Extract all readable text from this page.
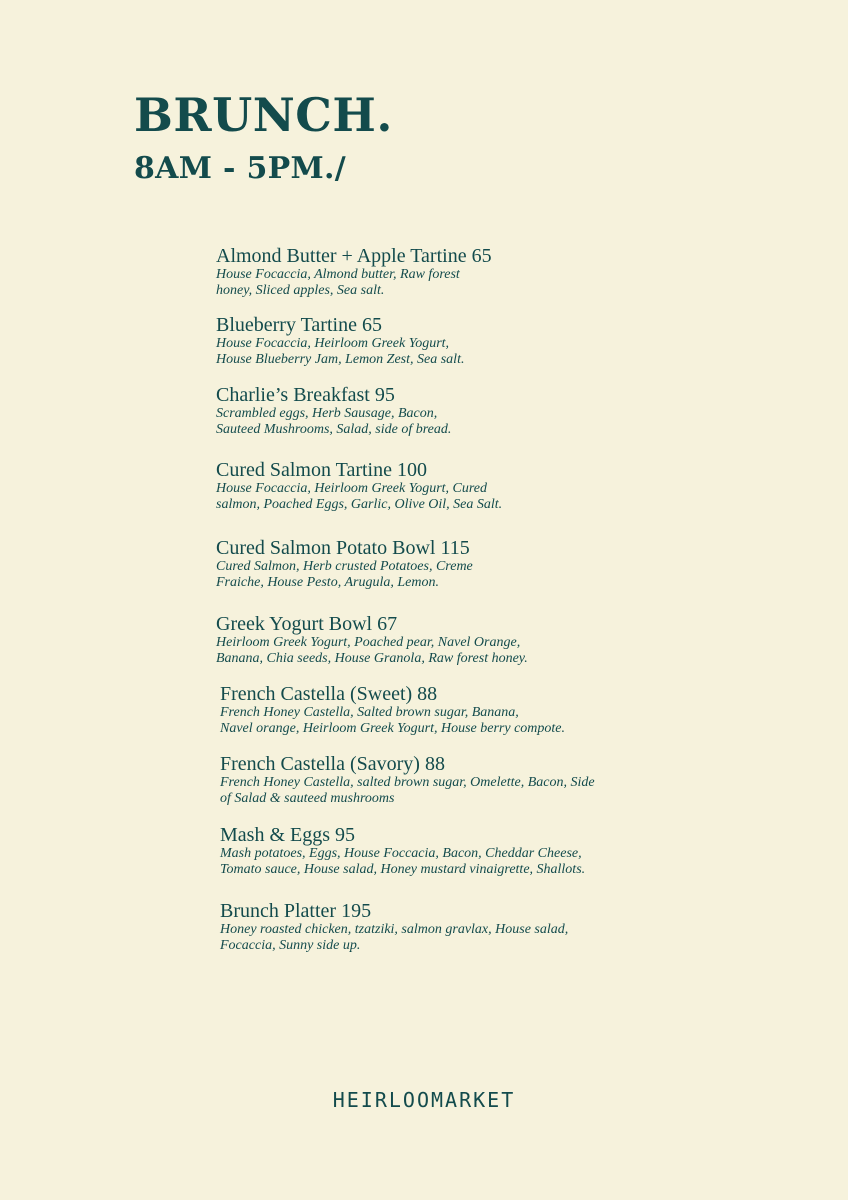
BRUNCH.
8AM - 5PM./
Almond Butter + Apple Tartine 65
House Focaccia, Almond butter, Raw forest
honey, Sliced apples, Sea salt.
Blueberry Tartine 65
House Focaccia, Heirloom Greek Yogurt,
House Blueberry Jam, Lemon Zest, Sea salt.
Charlie’s Breakfast 95
Scrambled eggs, Herb Sausage, Bacon,
Sauteed Mushrooms, Salad, side of bread.
Cured Salmon Tartine 100
House Focaccia, Heirloom Greek Yogurt, Cured
salmon, Poached Eggs, Garlic, Olive Oil, Sea Salt.
Cured Salmon Potato Bowl 115
Cured Salmon, Herb crusted Potatoes, Creme
Fraiche, House Pesto, Arugula, Lemon.
Greek Yogurt Bowl 67
Heirloom Greek Yogurt, Poached pear, Navel Orange,
Banana, Chia seeds, House Granola, Raw forest honey.
French Castella (Sweet) 88
French Honey Castella, Salted brown sugar, Banana,
Navel orange, Heirloom Greek Yogurt, House berry compote.
French Castella (Savory) 88
French Honey Castella, salted brown sugar, Omelette, Bacon, Side
of Salad & sauteed mushrooms
Mash & Eggs 95
Mash potatoes, Eggs, House Foccacia, Bacon, Cheddar Cheese,
Tomato sauce, House salad, Honey mustard vinaigrette, Shallots.
Brunch Platter 195
Honey roasted chicken, tzatziki, salmon gravlax, House salad,
Focaccia, Sunny side up.
HEIRLOOMARKET
